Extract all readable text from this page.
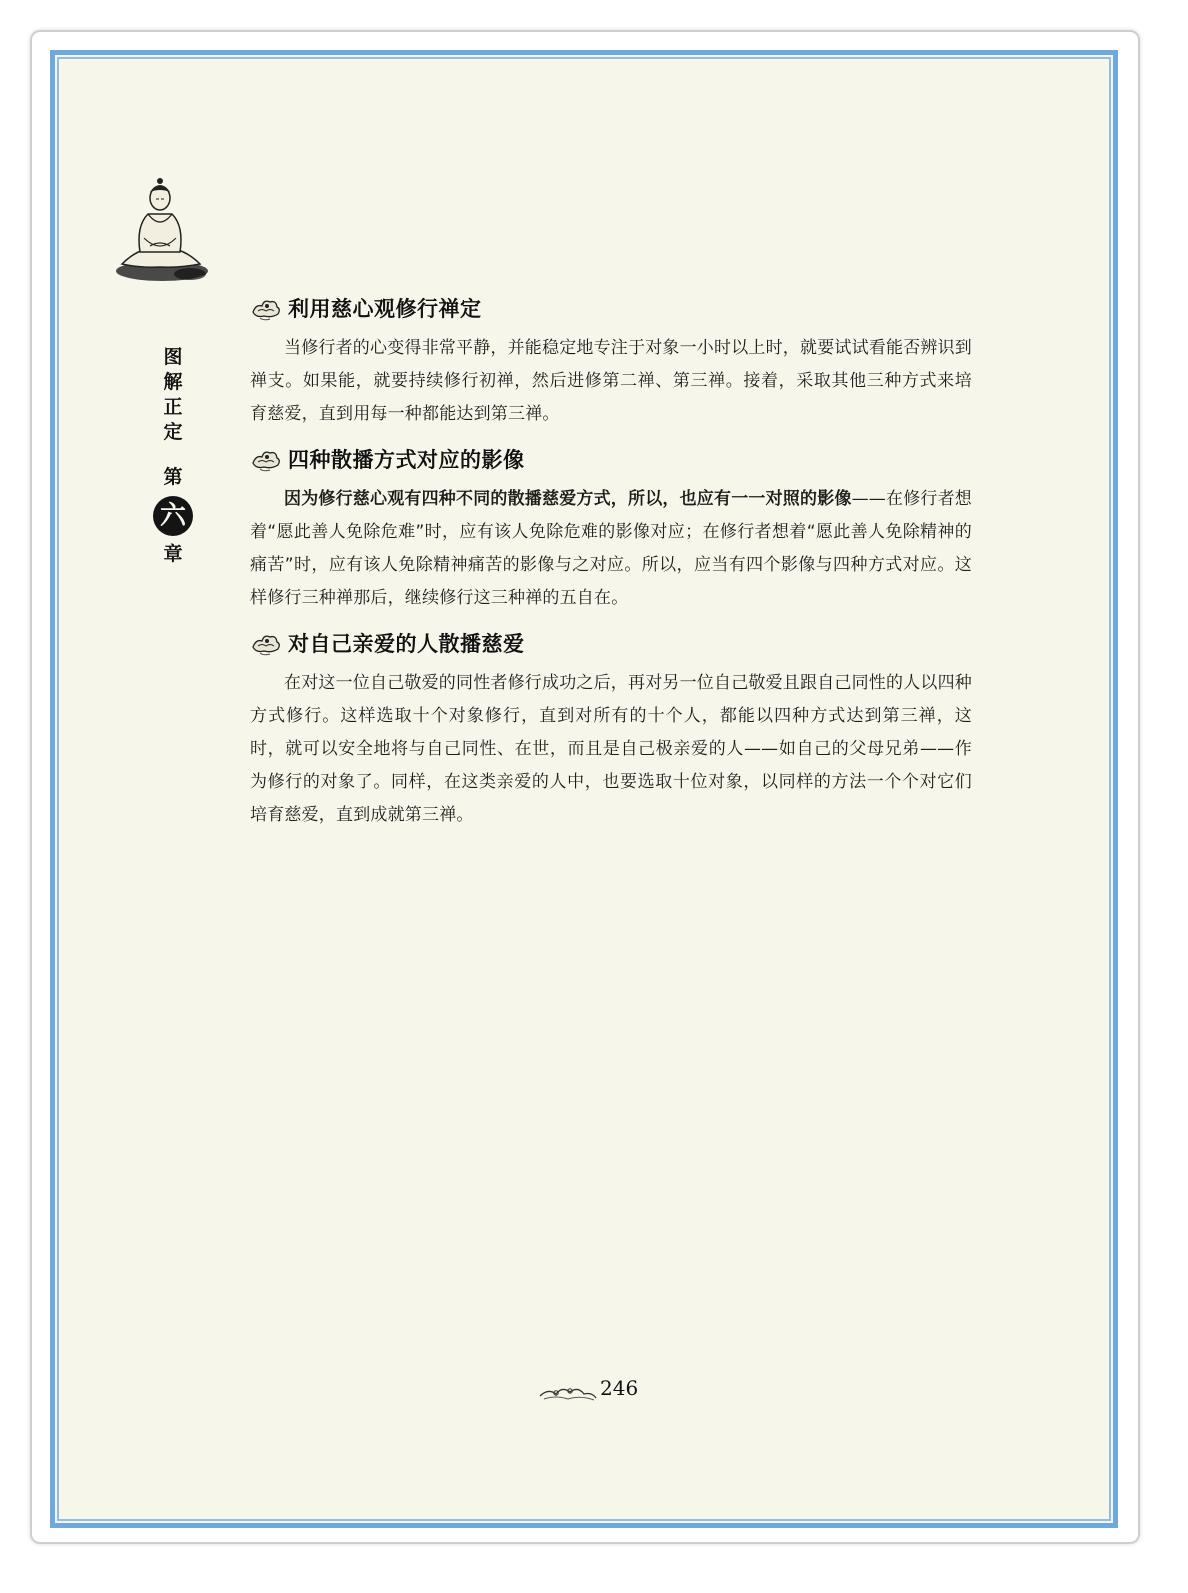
图
解
正
定
第
六
章
利用慈心观修行禅定

当修行者的心变得非常平静，并能稳定地专注于对象一小时以上时，就要试试看能否辨识到禅支。如果能，就要持续修行初禅，然后进修第二禅、第三禅。接着，采取其他三种方式来培育慈爱，直到用每一种都能达到第三禅。

四种散播方式对应的影像

因为修行慈心观有四种不同的散播慈爱方式，所以，也应有一一对照的影像——在修行者想着“愿此善人免除危难”时，应有该人免除危难的影像对应；在修行者想着“愿此善人免除精神的痛苦”时，应有该人免除精神痛苦的影像与之对应。所以，应当有四个影像与四种方式对应。这样修行三种禅那后，继续修行这三种禅的五自在。

对自己亲爱的人散播慈爱

在对这一位自己敬爱的同性者修行成功之后，再对另一位自己敬爱且跟自己同性的人以四种方式修行。这样选取十个对象修行，直到对所有的十个人，都能以四种方式达到第三禅，这时，就可以安全地将与自己同性、在世，而且是自己极亲爱的人——如自己的父母兄弟——作为修行的对象了。同样，在这类亲爱的人中，也要选取十位对象，以同样的方法一个个对它们培育慈爱，直到成就第三禅。

246
